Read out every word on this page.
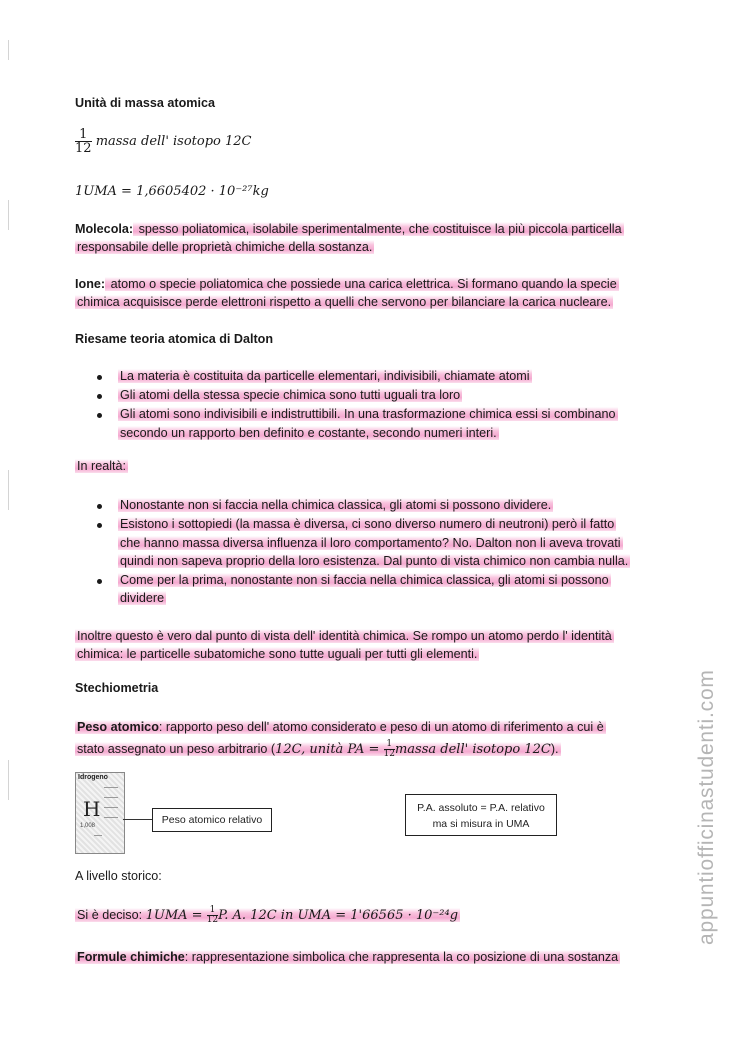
Unità di massa atomica
$\frac{1}{12}$ massa dell' isotopo 12C
1UMA = 1,6605402 · 10⁻²⁷kg
Molecola: spesso poliatomica, isolabile sperimentalmente, che costituisce la più piccola particella
responsabile delle proprietà chimiche della sostanza.
Ione: atomo o specie poliatomica che possiede una carica elettrica. Si formano quando la specie
chimica acquisisce perde elettroni rispetto a quelli che servono per bilanciare la carica nucleare.
Riesame teoria atomica di Dalton
La materia è costituita da particelle elementari, indivisibili, chiamate atomi
Gli atomi della stessa specie chimica sono tutti uguali tra loro
Gli atomi sono indivisibili e indistruttibili. In una trasformazione chimica essi si combinano
secondo un rapporto ben definito e costante, secondo numeri interi.
In realtà:
Nonostante non si faccia nella chimica classica, gli atomi si possono dividere.
Esistono i sottopiedi (la massa è diversa, ci sono diverso numero di neutroni) però il fatto
che hanno massa diversa influenza il loro comportamento? No. Dalton non li aveva trovati
quindi non sapeva proprio della loro esistenza. Dal punto di vista chimico non cambia nulla.
Come per la prima, nonostante non si faccia nella chimica classica, gli atomi si possono
dividere
Inoltre questo è vero dal punto di vista dell' identità chimica. Se rompo un atomo perdo l' identità
chimica: le particelle subatomiche sono tutte uguali per tutti gli elementi.
Stechiometria
Peso atomico: rapporto peso dell' atomo considerato e peso di un atomo di riferimento a cui è
stato assegnato un peso arbitrario (12C, unità PA = $\frac{1}{12}$ massa dell' isotopo 12C).
Idrogeno
H
1,008	Peso atomico relativo
P.A. assoluto = P.A. relativo
ma si misura in UMA
A livello storico:
Si è deciso: $1UMA = \frac{1}{12} P$. A. 12C in UMA = 1'66565 · 10⁻²⁴g
Formule chimiche: rappresentazione simbolica che rappresenta la co posizione di una sostanza
appuntiofficinastudenti.com
